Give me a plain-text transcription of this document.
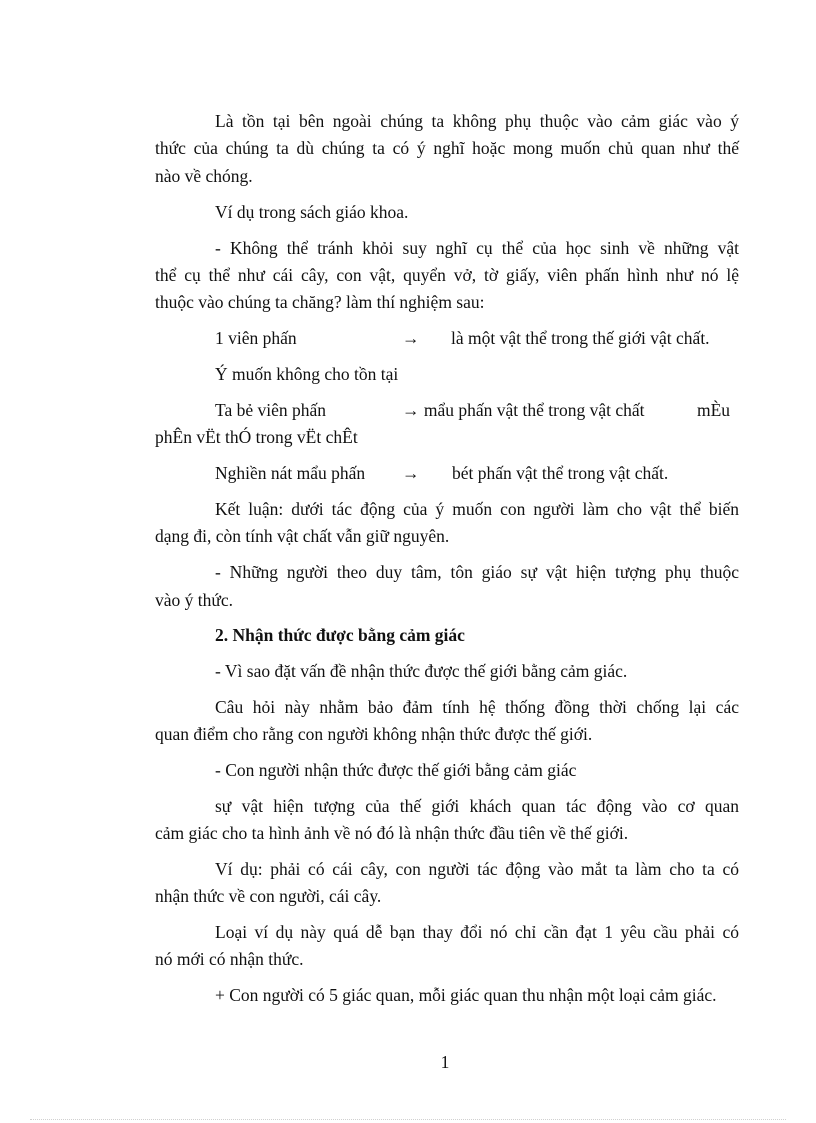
Là tồn tại bên ngoài chúng ta không phụ thuộc vào cảm giác vào ý
thức của chúng ta dù chúng ta có ý nghĩ hoặc mong muốn chủ quan như thế
nào về chóng.
Ví dụ trong sách giáo khoa.
- Không thể tránh khỏi suy nghĩ cụ thể của học sinh về những vật
thể cụ thể như cái cây, con vật, quyển vở, tờ giấy, viên phấn hình như nó lệ
thuộc vào chúng ta chăng? làm thí nghiệm sau:
1 viên phấn	→ là một vật thể trong thế giới vật chất.
Ý muốn không cho tồn tại
Ta bẻ viên phấn	→ mẩu phấn vật thể trong vật chất	mÈu
phÊn vËt thÓ trong vËt chÊt
Nghiền nát mẩu phấn → bét phấn vật thể trong vật chất.
Kết luận: dưới tác động của ý muốn con người làm cho vật thể biến
dạng đi, còn tính vật chất vẫn giữ nguyên.
- Những người theo duy tâm, tôn giáo sự vật hiện tượng phụ thuộc
vào ý thức.
2. Nhận thức được bằng cảm giác
- Vì sao đặt vấn đề nhận thức được thế giới bằng cảm giác.
Câu hỏi này nhằm bảo đảm tính hệ thống đồng thời chống lại các
quan điểm cho rằng con người không nhận thức được thế giới.
- Con người nhận thức được thế giới bằng cảm giác
sự vật hiện tượng của thế giới khách quan tác động vào cơ quan
cảm giác cho ta hình ảnh về nó đó là nhận thức đầu tiên về thế giới.
Ví dụ: phải có cái cây, con người tác động vào mắt ta làm cho ta có
nhận thức về con người, cái cây.
Loại ví dụ này quá dễ bạn thay đổi nó chỉ cần đạt 1 yêu cầu phải có
nó mới có nhận thức.
+ Con người có 5 giác quan, mỗi giác quan thu nhận một loại cảm giác.
1
